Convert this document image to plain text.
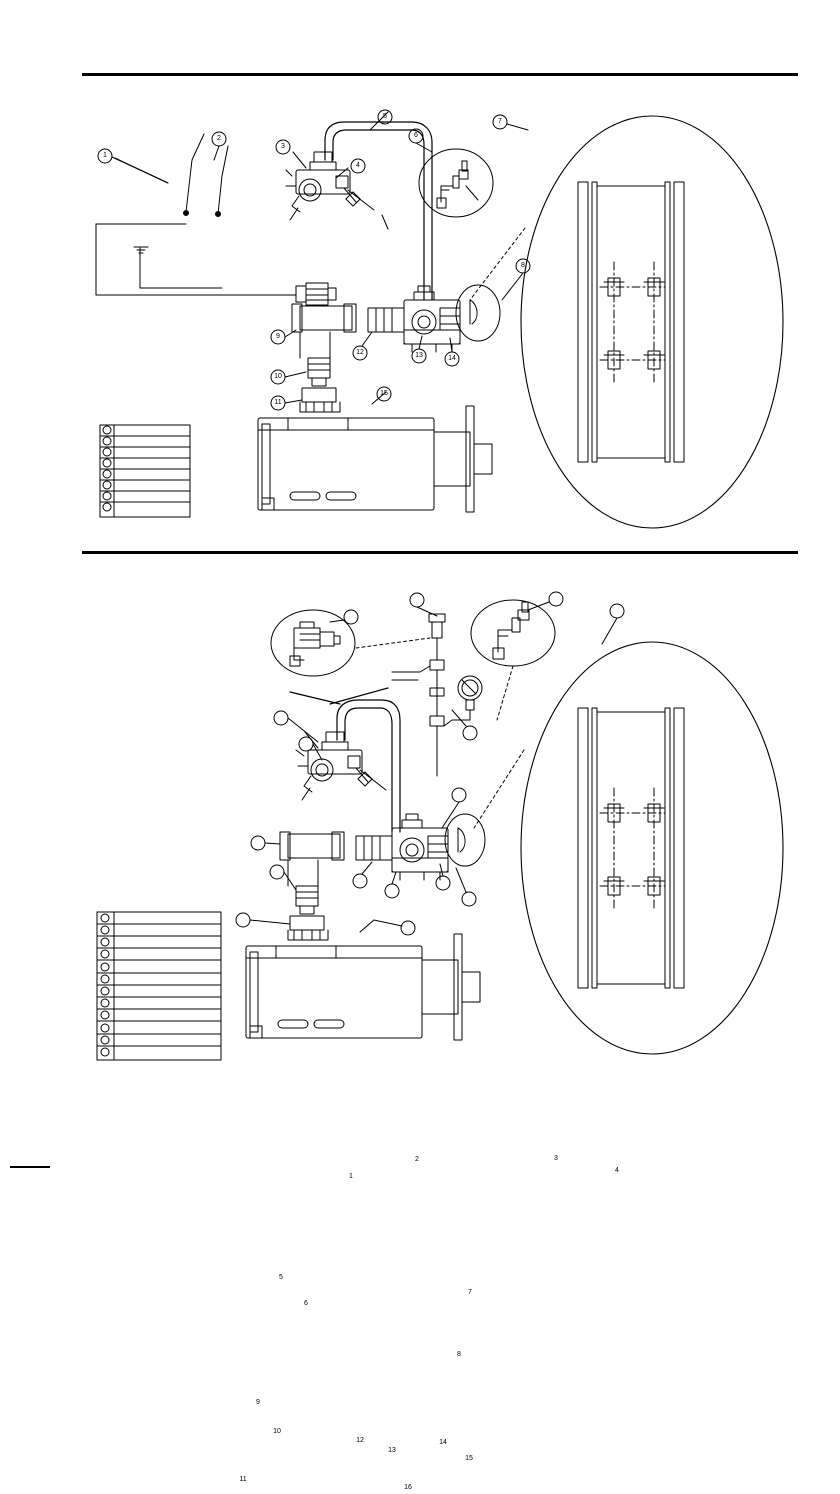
1
2
3
4
5
6
7
8
9
10
11
12	13	14
15
1
2	3
4
5
6
7
8
9
10
11
12
13
14
15
16
